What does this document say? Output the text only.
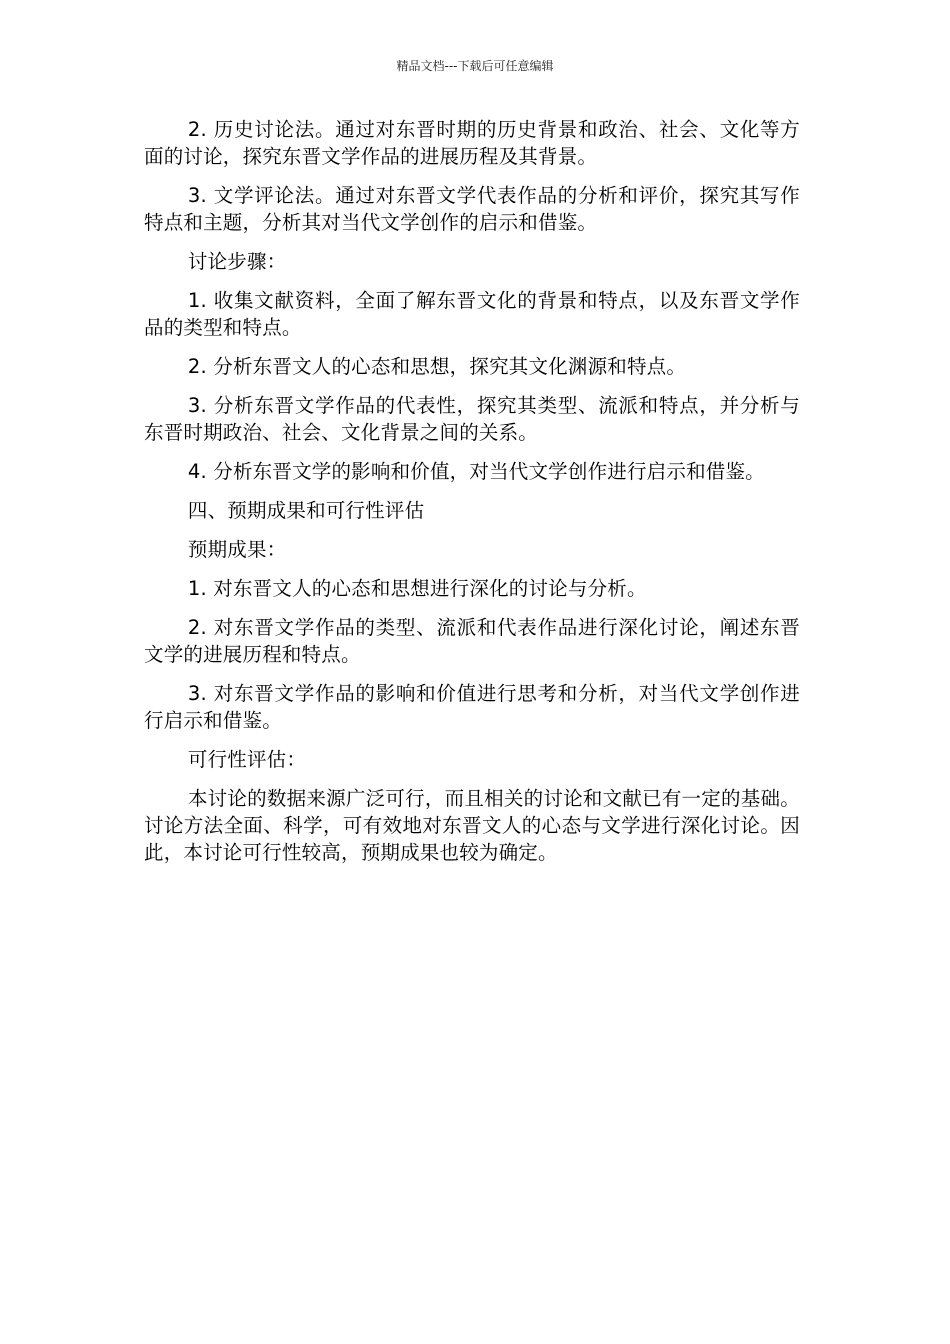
精品文档---下载后可任意编辑

2. 历史讨论法。通过对东晋时期的历史背景和政治、社会、文化等方面的讨论，探究东晋文学作品的进展历程及其背景。

3. 文学评论法。通过对东晋文学代表作品的分析和评价，探究其写作特点和主题，分析其对当代文学创作的启示和借鉴。

讨论步骤：

1. 收集文献资料，全面了解东晋文化的背景和特点，以及东晋文学作品的类型和特点。

2. 分析东晋文人的心态和思想，探究其文化渊源和特点。

3. 分析东晋文学作品的代表性，探究其类型、流派和特点，并分析与东晋时期政治、社会、文化背景之间的关系。

4. 分析东晋文学的影响和价值，对当代文学创作进行启示和借鉴。

四、预期成果和可行性评估

预期成果：

1. 对东晋文人的心态和思想进行深化的讨论与分析。

2. 对东晋文学作品的类型、流派和代表作品进行深化讨论，阐述东晋文学的进展历程和特点。

3. 对东晋文学作品的影响和价值进行思考和分析，对当代文学创作进行启示和借鉴。

可行性评估：

本讨论的数据来源广泛可行，而且相关的讨论和文献已有一定的基础。讨论方法全面、科学，可有效地对东晋文人的心态与文学进行深化讨论。因此，本讨论可行性较高，预期成果也较为确定。
